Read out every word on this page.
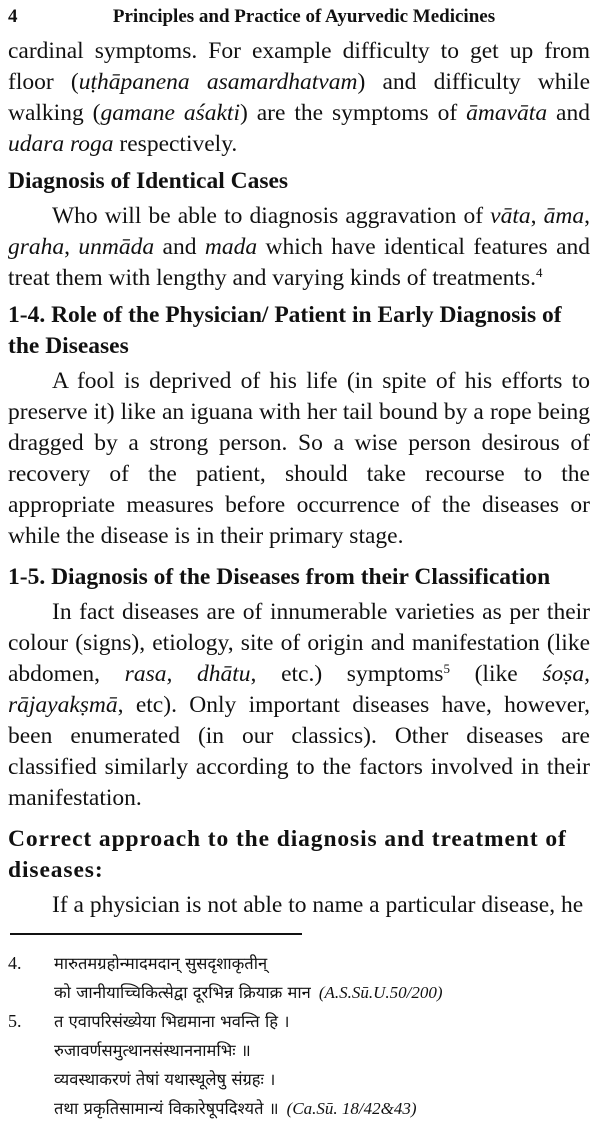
4	Principles and Practice of Ayurvedic Medicines

cardinal symptoms. For example difficulty to get up from floor (uṭhāpanena asamardhatvam) and difficulty while walking (gamane aśakti) are the symptoms of āmavāta and udara roga respectively.

Diagnosis of Identical Cases

Who will be able to diagnosis aggravation of vāta, āma, graha, unmāda and mada which have identical features and treat them with lengthy and varying kinds of treatments.$^4$

1-4. Role of the Physician/ Patient in Early Diagnosis of the Diseases

A fool is deprived of his life (in spite of his efforts to preserve it) like an iguana with her tail bound by a rope being dragged by a strong person. So a wise person desirous of recovery of the patient, should take recourse to the appropriate measures before occurrence of the diseases or while the disease is in their primary stage.

1-5. Diagnosis of the Diseases from their Classification

In fact diseases are of innumerable varieties as per their colour (signs), etiology, site of origin and manifestation (like abdomen, rasa, dhātu, etc.) symptoms$^5$ (like śoṣa, rājayakṣmā, etc). Only important diseases have, however, been enumerated (in our classics). Other diseases are classified similarly according to the factors involved in their manifestation.

Correct approach to the diagnosis and treatment of diseases:

If a physician is not able to name a particular disease, he

4.	मारुतमग्रहोन्मादमदान् सुसदृशाकृतीन्
को जानीयाच्चिकित्सेद्वा दूरभिन्न क्रियाक्र मान (A.S.Sū.U.50/200)
5.	त एवापरिसंख्येया भिद्यमाना भवन्ति हि ।
रुजावर्णसमुत्थानसंस्थाननामभिः ॥
व्यवस्थाकरणं तेषां यथास्थूलेषु संग्रहः ।
तथा प्रकृतिसामान्यं विकारेषूपदिश्यते ॥ (Ca.Sū. 18/42&43)
